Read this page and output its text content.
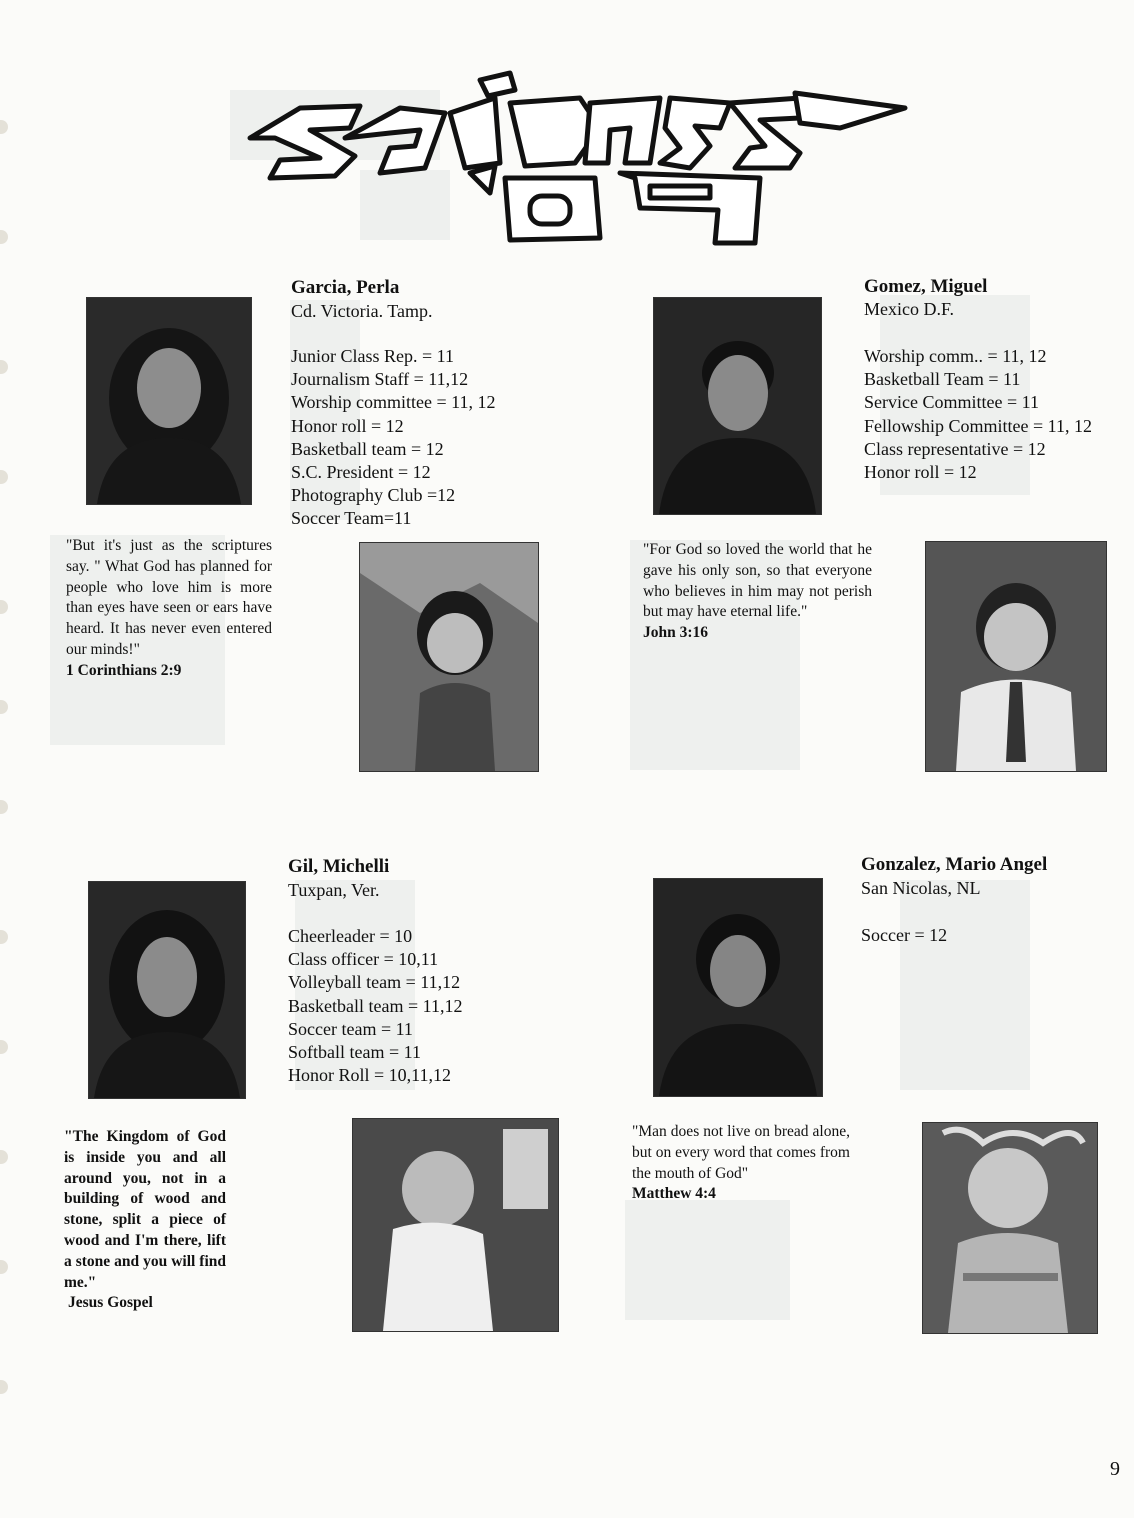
Garcia, Perla
Cd. Victoria. Tamp.
Junior Class Rep. = 11
Journalism Staff = 11,12
Worship committee = 11, 12
Honor roll = 12
Basketball team = 12
S.C. President = 12
Photography Club =12
Soccer Team=11
"But it's just as the scriptures say. " What God has planned for people who love him is more than eyes have seen or ears have heard. It has never even entered our minds!"
1 Corinthians 2:9
Gomez, Miguel
Mexico D.F.
Worship comm.. = 11, 12
Basketball Team = 11
Service Committee = 11
Fellowship Committee = 11, 12
Class representative = 12
Honor roll = 12
"For God so loved the world that he gave his only son, so that everyone who believes in him may not perish but may have eternal life."
John 3:16
Gil, Michelli
Tuxpan, Ver.
Cheerleader = 10
Class officer = 10,11
Volleyball team = 11,12
Basketball team = 11,12
Soccer team = 11
Softball team = 11
Honor Roll = 10,11,12
"The Kingdom of God is inside you and all around you, not in a building of wood and stone, split a piece of wood and I'm there, lift a stone and you will find me."
Jesus Gospel
Gonzalez, Mario Angel
San Nicolas, NL
Soccer = 12
"Man does not live on bread alone, but on every word that comes from the mouth of God"
Matthew 4:4
9
